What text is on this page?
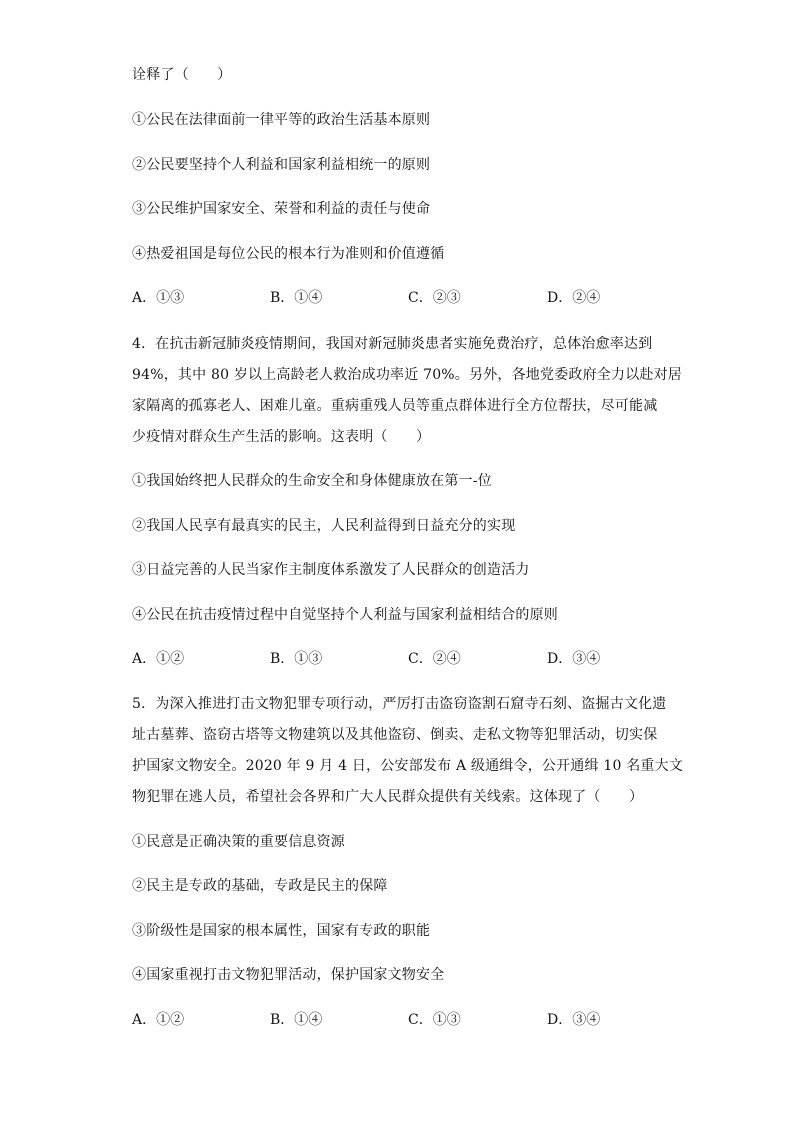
诠释了（　　）
①公民在法律面前一律平等的政治生活基本原则
②公民要坚持个人利益和国家利益相统一的原则
③公民维护国家安全、荣誉和利益的责任与使命
④热爱祖国是每位公民的根本行为准则和价值遵循
A．①③	B．①④	C．②③	D．②④
4．在抗击新冠肺炎疫情期间，我国对新冠肺炎患者实施免费治疗，总体治愈率达到
94%，其中 80 岁以上高龄老人救治成功率近 70%。另外，各地党委政府全力以赴对居
家隔离的孤寡老人、困难儿童。重病重残人员等重点群体进行全方位帮扶，尽可能减
少疫情对群众生产生活的影响。这表明（　　）
①我国始终把人民群众的生命安全和身体健康放在第一-位
②我国人民享有最真实的民主，人民利益得到日益充分的实现
③日益完善的人民当家作主制度体系激发了人民群众的创造活力
④公民在抗击疫情过程中自觉坚持个人利益与国家利益相结合的原则
A．①②	B．①③	C．②④	D．③④
5．为深入推进打击文物犯罪专项行动，严厉打击盗窃盗割石窟寺石刻、盗掘古文化遗
址古墓葬、盗窃古塔等文物建筑以及其他盗窃、倒卖、走私文物等犯罪活动，切实保
护国家文物安全。2020 年 9 月 4 日，公安部发布 A 级通缉令，公开通缉 10 名重大文
物犯罪在逃人员，希望社会各界和广大人民群众提供有关线索。这体现了（　　）
①民意是正确决策的重要信息资源
②民主是专政的基础，专政是民主的保障
③阶级性是国家的根本属性，国家有专政的职能
④国家重视打击文物犯罪活动，保护国家文物安全
A．①②	B．①④	C．①③	D．③④
